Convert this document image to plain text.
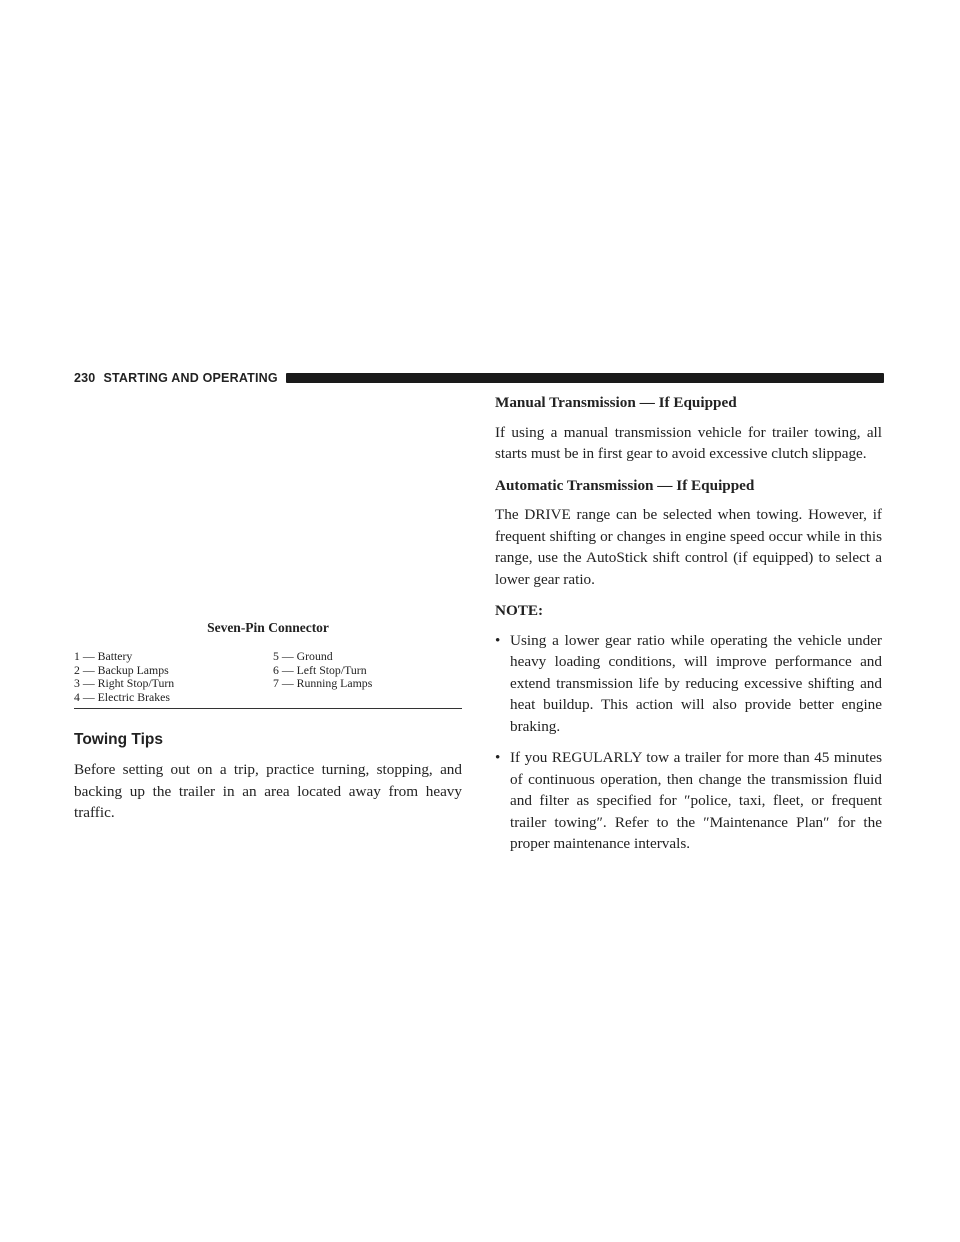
230 STARTING AND OPERATING
Seven-Pin Connector
1 — Battery	5 — Ground
2 — Backup Lamps	6 — Left Stop/Turn
3 — Right Stop/Turn	7 — Running Lamps
4 — Electric Brakes
Towing Tips

Before setting out on a trip, practice turning, stopping, and backing up the trailer in an area located away from heavy traffic.

Manual Transmission — If Equipped

If using a manual transmission vehicle for trailer towing, all starts must be in first gear to avoid excessive clutch slippage.

Automatic Transmission — If Equipped

The DRIVE range can be selected when towing. However, if frequent shifting or changes in engine speed occur while in this range, use the AutoStick shift control (if equipped) to select a lower gear ratio.

NOTE:
• Using a lower gear ratio while operating the vehicle under heavy loading conditions, will improve performance and extend transmission life by reducing excessive shifting and heat buildup. This action will also provide better engine braking.
• If you REGULARLY tow a trailer for more than 45 minutes of continuous operation, then change the transmission fluid and filter as specified for ″police, taxi, fleet, or frequent trailer towing″. Refer to the ″Maintenance Plan″ for the proper maintenance intervals.
